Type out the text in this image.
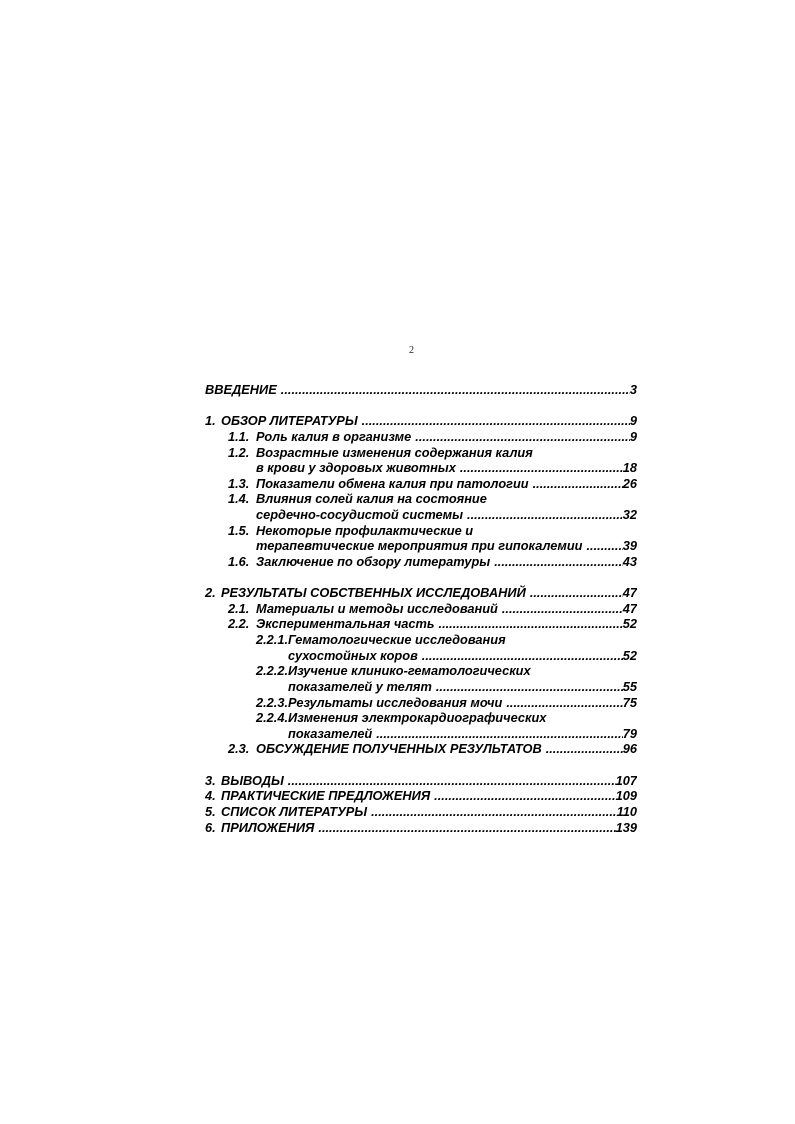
2
ВВЕДЕНИЕ .....	3
1. ОБЗОР ЛИТЕРАТУРЫ .....	9
1.1. Роль калия в организме .....	9
1.2. Возрастные изменения содержания калия
в крови у здоровых животных .....	18
1.3. Показатели обмена калия при патологии .....	26
1.4. Влияния солей калия на состояние
сердечно-сосудистой системы .....	32
1.5. Некоторые профилактические и
терапевтические мероприятия при гипокалемии .....	39
1.6. Заключение по обзору литературы .....	43
2. РЕЗУЛЬТАТЫ СОБСТВЕННЫХ ИССЛЕДОВАНИЙ .....	47
2.1. Материалы и методы исследований .....	47
2.2. Экспериментальная часть .....	52
2.2.1. Гематологические исследования
сухостойных коров .....	52
2.2.2. Изучение клинико-гематологических
показателей у телят .....	55
2.2.3. Результаты исследования мочи .....	75
2.2.4. Изменения электрокардиографических
показателей .....	79
2.3. ОБСУЖДЕНИЕ ПОЛУЧЕННЫХ РЕЗУЛЬТАТОВ .....	96
3. ВЫВОДЫ .....	107
4. ПРАКТИЧЕСКИЕ ПРЕДЛОЖЕНИЯ .....	109
5. СПИСОК ЛИТЕРАТУРЫ .....	110
6. ПРИЛОЖЕНИЯ .....	139
